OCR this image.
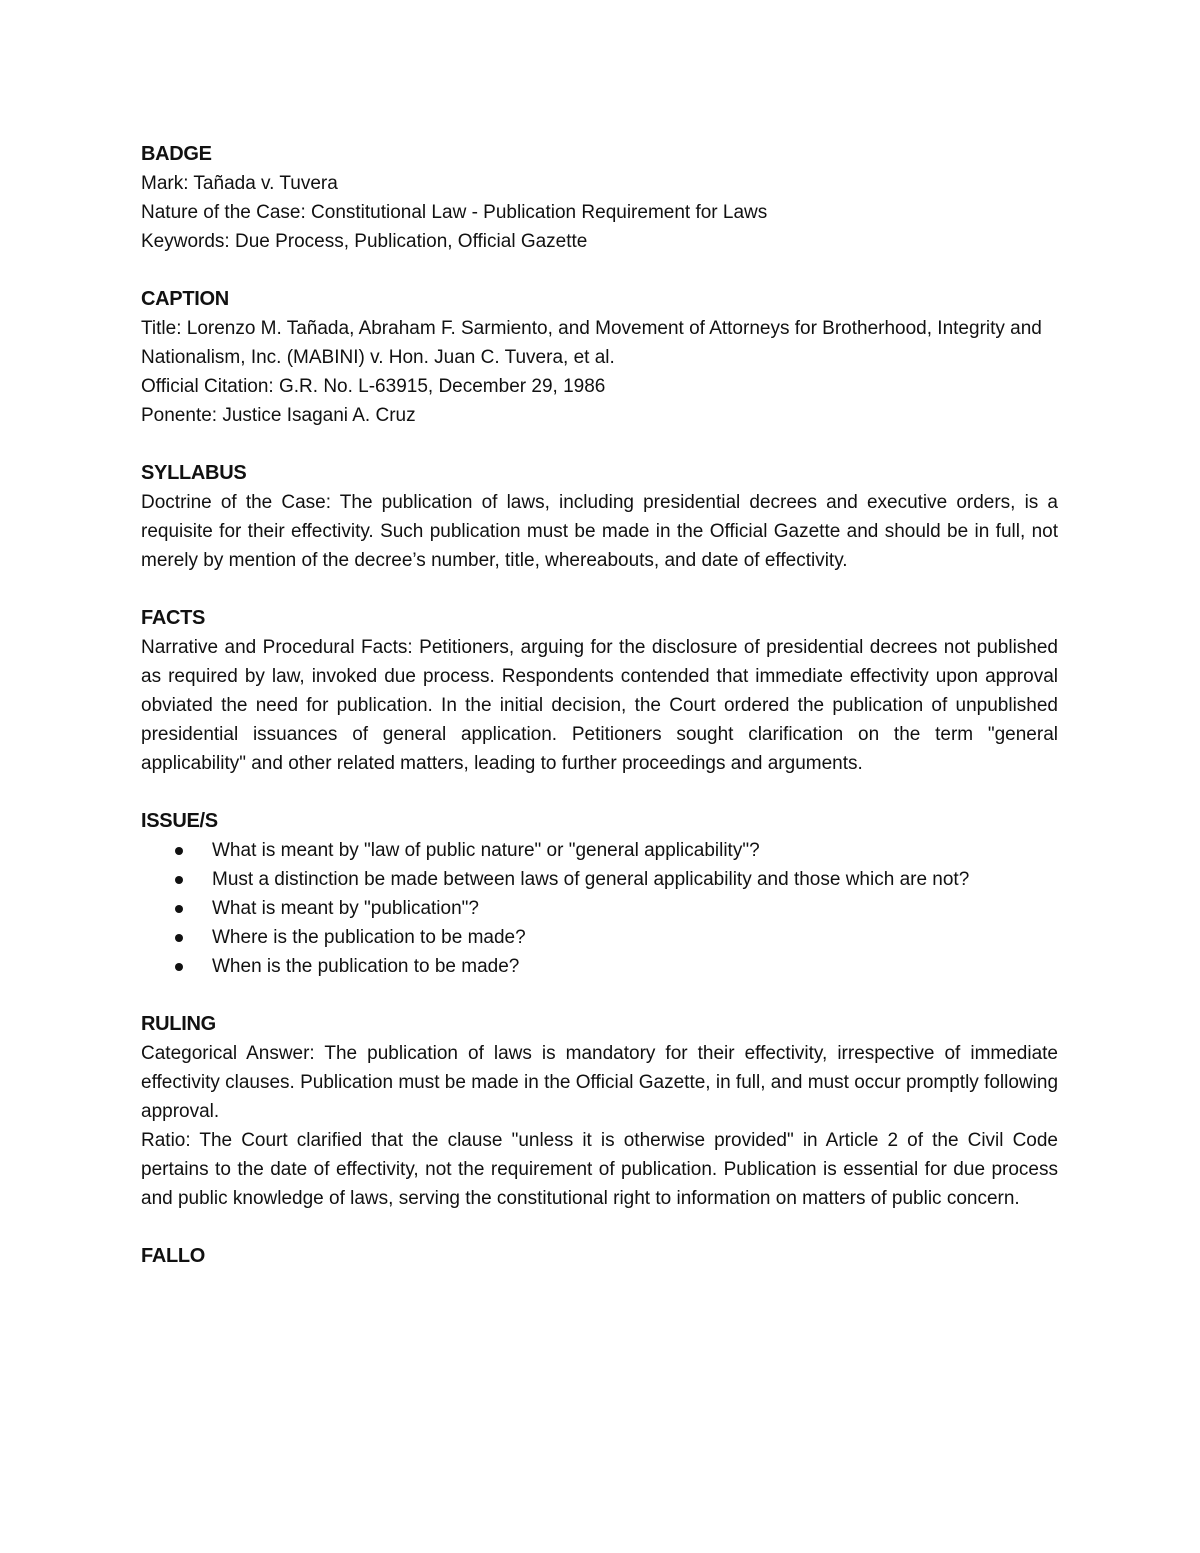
BADGE
Mark: Tañada v. Tuvera
Nature of the Case: Constitutional Law - Publication Requirement for Laws
Keywords: Due Process, Publication, Official Gazette
CAPTION
Title: Lorenzo M. Tañada, Abraham F. Sarmiento, and Movement of Attorneys for Brotherhood, Integrity and Nationalism, Inc. (MABINI) v. Hon. Juan C. Tuvera, et al.
Official Citation: G.R. No. L-63915, December 29, 1986
Ponente: Justice Isagani A. Cruz
SYLLABUS
Doctrine of the Case: The publication of laws, including presidential decrees and executive orders, is a requisite for their effectivity. Such publication must be made in the Official Gazette and should be in full, not merely by mention of the decree’s number, title, whereabouts, and date of effectivity.
FACTS
Narrative and Procedural Facts: Petitioners, arguing for the disclosure of presidential decrees not published as required by law, invoked due process. Respondents contended that immediate effectivity upon approval obviated the need for publication. In the initial decision, the Court ordered the publication of unpublished presidential issuances of general application. Petitioners sought clarification on the term "general applicability" and other related matters, leading to further proceedings and arguments.
ISSUE/S
What is meant by "law of public nature" or "general applicability"?
Must a distinction be made between laws of general applicability and those which are not?
What is meant by "publication"?
Where is the publication to be made?
When is the publication to be made?
RULING
Categorical Answer: The publication of laws is mandatory for their effectivity, irrespective of immediate effectivity clauses. Publication must be made in the Official Gazette, in full, and must occur promptly following approval.
Ratio: The Court clarified that the clause "unless it is otherwise provided" in Article 2 of the Civil Code pertains to the date of effectivity, not the requirement of publication. Publication is essential for due process and public knowledge of laws, serving the constitutional right to information on matters of public concern.
FALLO
